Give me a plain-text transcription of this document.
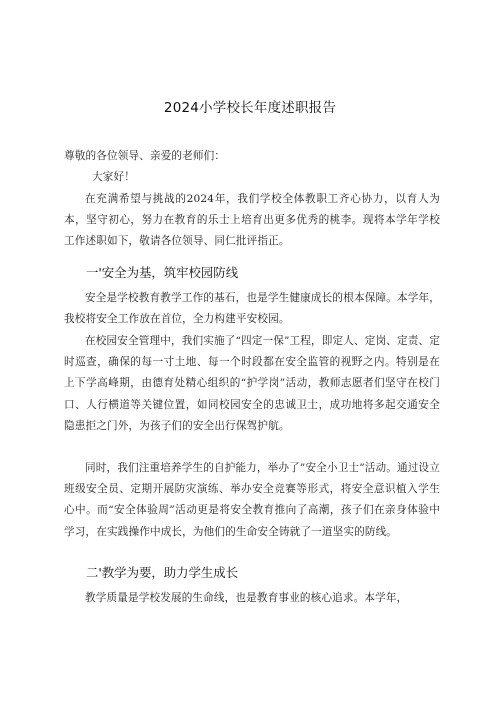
2024小学校长年度述职报告
尊敬的各位领导、亲爱的老师们：
大家好！
在充满希望与挑战的2024年，我们学校全体教职工齐心协力，以育人为本，坚守初心，努力在教育的乐士上培育出更多优秀的桃李。现将本学年学校工作述职如下，敬请各位领导、同仁批评指正。
一'安全为基，筑牢校园防线
安全是学校教育教学工作的基石，也是学生健康成长的根本保障。本学年，我校将安全工作放在首位，全力构建平安校园。
在校园安全管理中，我们实施了“四定一保”工程，即定人、定岗、定责、定时巡查，确保的每一寸土地、每一个时段都在安全监管的视野之内。特别是在上下学高峰期，由德育处精心组织的“护学岗”活动，教师志愿者们坚守在校门口、人行横道等关键位置，如同校园安全的忠诚卫士，成功地将多起交通安全隐患拒之门外，为孩子们的安全出行保驾护航。
同时，我们注重培养学生的自护能力，举办了”安全小卫士”活动。通过设立班级安全员、定期开展防灾演练、举办安全竞赛等形式，将安全意识植入学生心中。而“安全体验周”活动更是将安全教育推向了高潮，孩子们在亲身体验中学习，在实践操作中成长，为他们的生命安全铸就了一道坚实的防线。
二'教学为要，助力学生成长
教学质量是学校发展的生命线，也是教育事业的核心追求。本学年，
